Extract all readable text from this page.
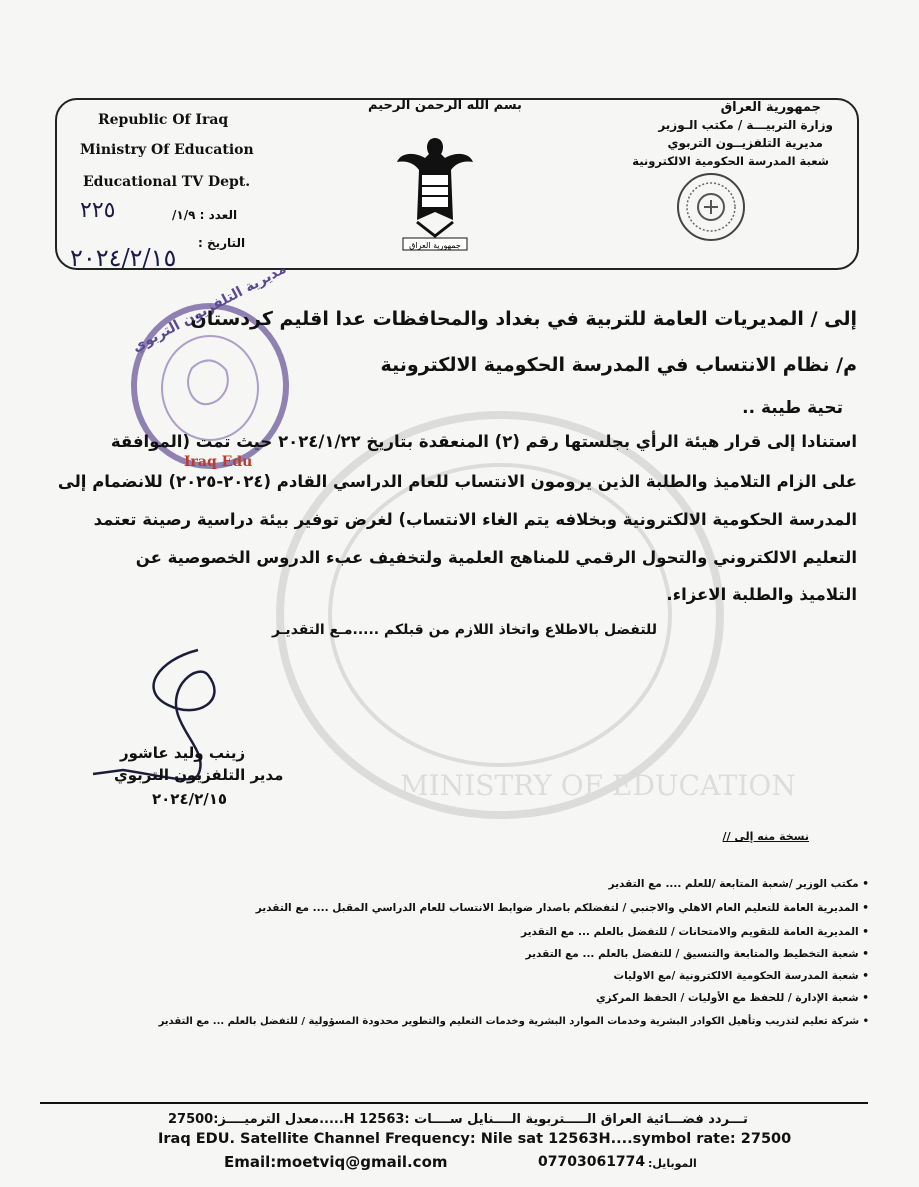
MINISTRY OF EDUCATION
Republic Of Iraq
Ministry Of Education
Educational TV Dept.
العدد : ١/٩/
٢٢٥
التاريخ :
٢٠٢٤/٢/١٥
بسم الله الرحمن الرحيم
جمهورية العراق
جمهورية العراق
وزارة التربيـــة / مكتب الـوزير
مديرية التلفزيــون التربوي
شعبة المدرسة الحكومية الالكترونية
مديرية التلفزيون التربوي
Iraq Edu
إلى / المديريات العامة للتربية في بغداد والمحافظات عدا اقليم كردستان
م/ نظام الانتساب في المدرسة الحكومية الالكترونية
تحية طيبة ..
استنادا إلى قرار هيئة الرأي بجلستها رقم (٢) المنعقدة بتاريخ ٢٠٢٤/١/٢٢ حيث تمت (الموافقة
على الزام التلاميذ والطلبة الذين يرومون الانتساب للعام الدراسي القادم (٢٠٢٤-٢٠٢٥) للانضمام إلى
المدرسة الحكومية الالكترونية وبخلافه يتم الغاء الانتساب) لغرض توفير بيئة دراسية رصينة تعتمد
التعليم الالكتروني والتحول الرقمي للمناهج العلمية ولتخفيف عبء الدروس الخصوصية عن
التلاميذ والطلبة الاعزاء.
للتفضل بالاطلاع واتخاذ اللازم من قبلكم .....مـع التقديـر
زينب وليد عاشور
مدير التلفزيون التربوي
٢٠٢٤/٢/١٥
نسخة منه إلى //
• مكتب الوزير /شعبة المتابعة /للعلم .... مع التقدير
• المديرية العامة للتعليم العام الاهلي والاجنبي / لتفضلكم باصدار ضوابط الانتساب للعام الدراسي المقبل .... مع التقدير
• المديرية العامة للتقويم والامتحانات / للتفضل بالعلم ... مع التقدير
• شعبة التخطيط والمتابعة والتنسيق / للتفضل بالعلم ... مع التقدير
• شعبة المدرسة الحكومية الالكترونية /مع الاوليات
• شعبة الإدارة / للحفظ مع الأوليات / الحفظ المركزي
• شركة تعليم لتدريب وتأهيل الكوادر البشرية وخدمات الموارد البشرية وخدمات التعليم والتطوير محدودة المسؤولية / للتفضل بالعلم ... مع التقدير
تـــردد فضـــائية العراق الـــــتربوية الــــنايل ســــات :H 12563.....معدل الترميــــز:27500
Iraq EDU. Satellite Channel Frequency: Nile sat 12563H....symbol rate: 27500
Email:moetviq@gmail.com	07703061774 الموبايل:
